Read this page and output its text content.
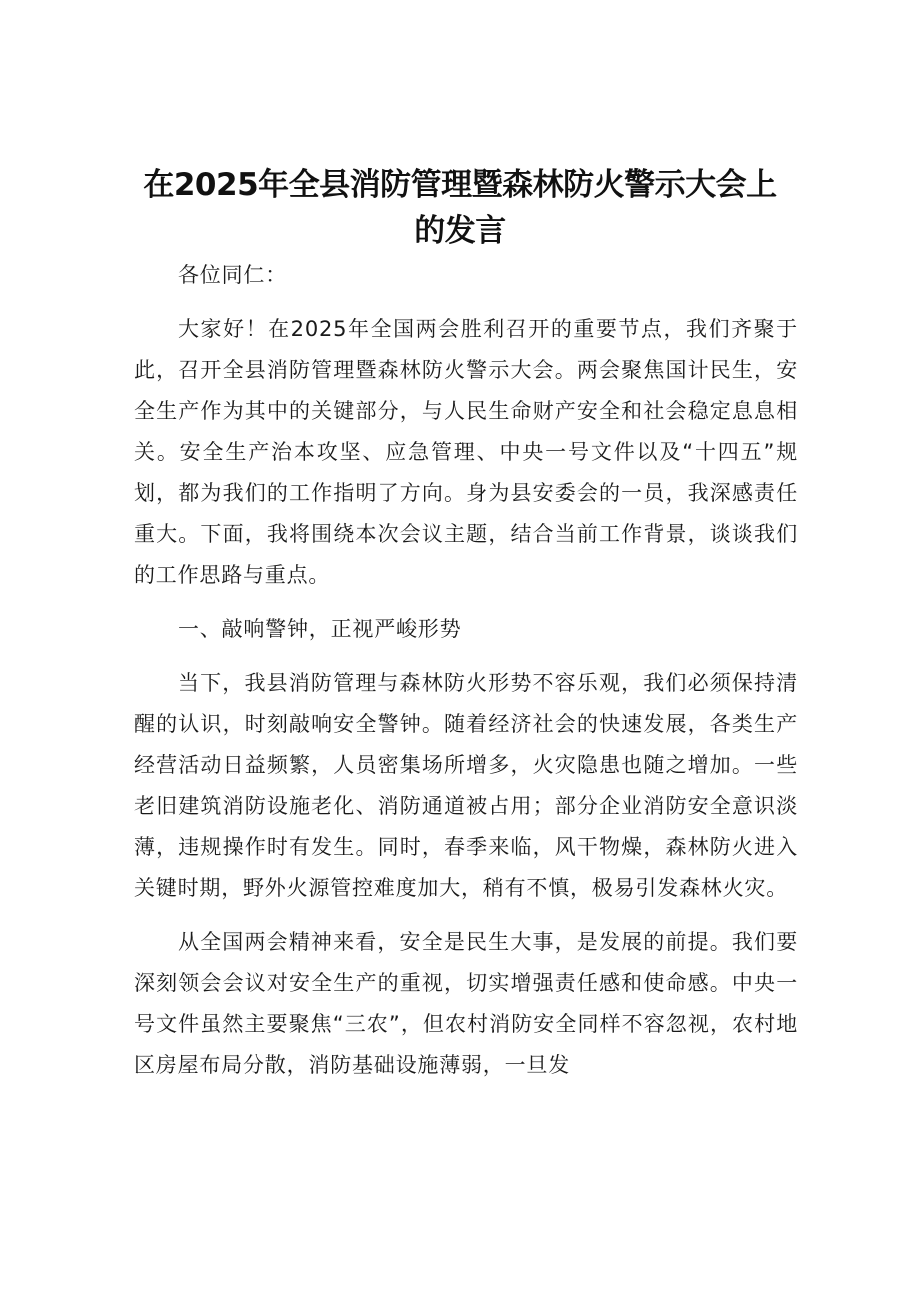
在2025年全县消防管理暨森林防火警示大会上
的发言

各位同仁：

大家好！在2025年全国两会胜利召开的重要节点，我们齐聚于此，召开全县消防管理暨森林防火警示大会。两会聚焦国计民生，安全生产作为其中的关键部分，与人民生命财产安全和社会稳定息息相关。安全生产治本攻坚、应急管理、中央一号文件以及“十四五”规划，都为我们的工作指明了方向。身为县安委会的一员，我深感责任重大。下面，我将围绕本次会议主题，结合当前工作背景，谈谈我们的工作思路与重点。

一、敲响警钟，正视严峻形势

当下，我县消防管理与森林防火形势不容乐观，我们必须保持清醒的认识，时刻敲响安全警钟。随着经济社会的快速发展，各类生产经营活动日益频繁，人员密集场所增多，火灾隐患也随之增加。一些老旧建筑消防设施老化、消防通道被占用；部分企业消防安全意识淡薄，违规操作时有发生。同时，春季来临，风干物燥，森林防火进入关键时期，野外火源管控难度加大，稍有不慎，极易引发森林火灾。

从全国两会精神来看，安全是民生大事，是发展的前提。我们要深刻领会会议对安全生产的重视，切实增强责任感和使命感。中央一号文件虽然主要聚焦“三农”，但农村消防安全同样不容忽视，农村地区房屋布局分散，消防基础设施薄弱，一旦发
